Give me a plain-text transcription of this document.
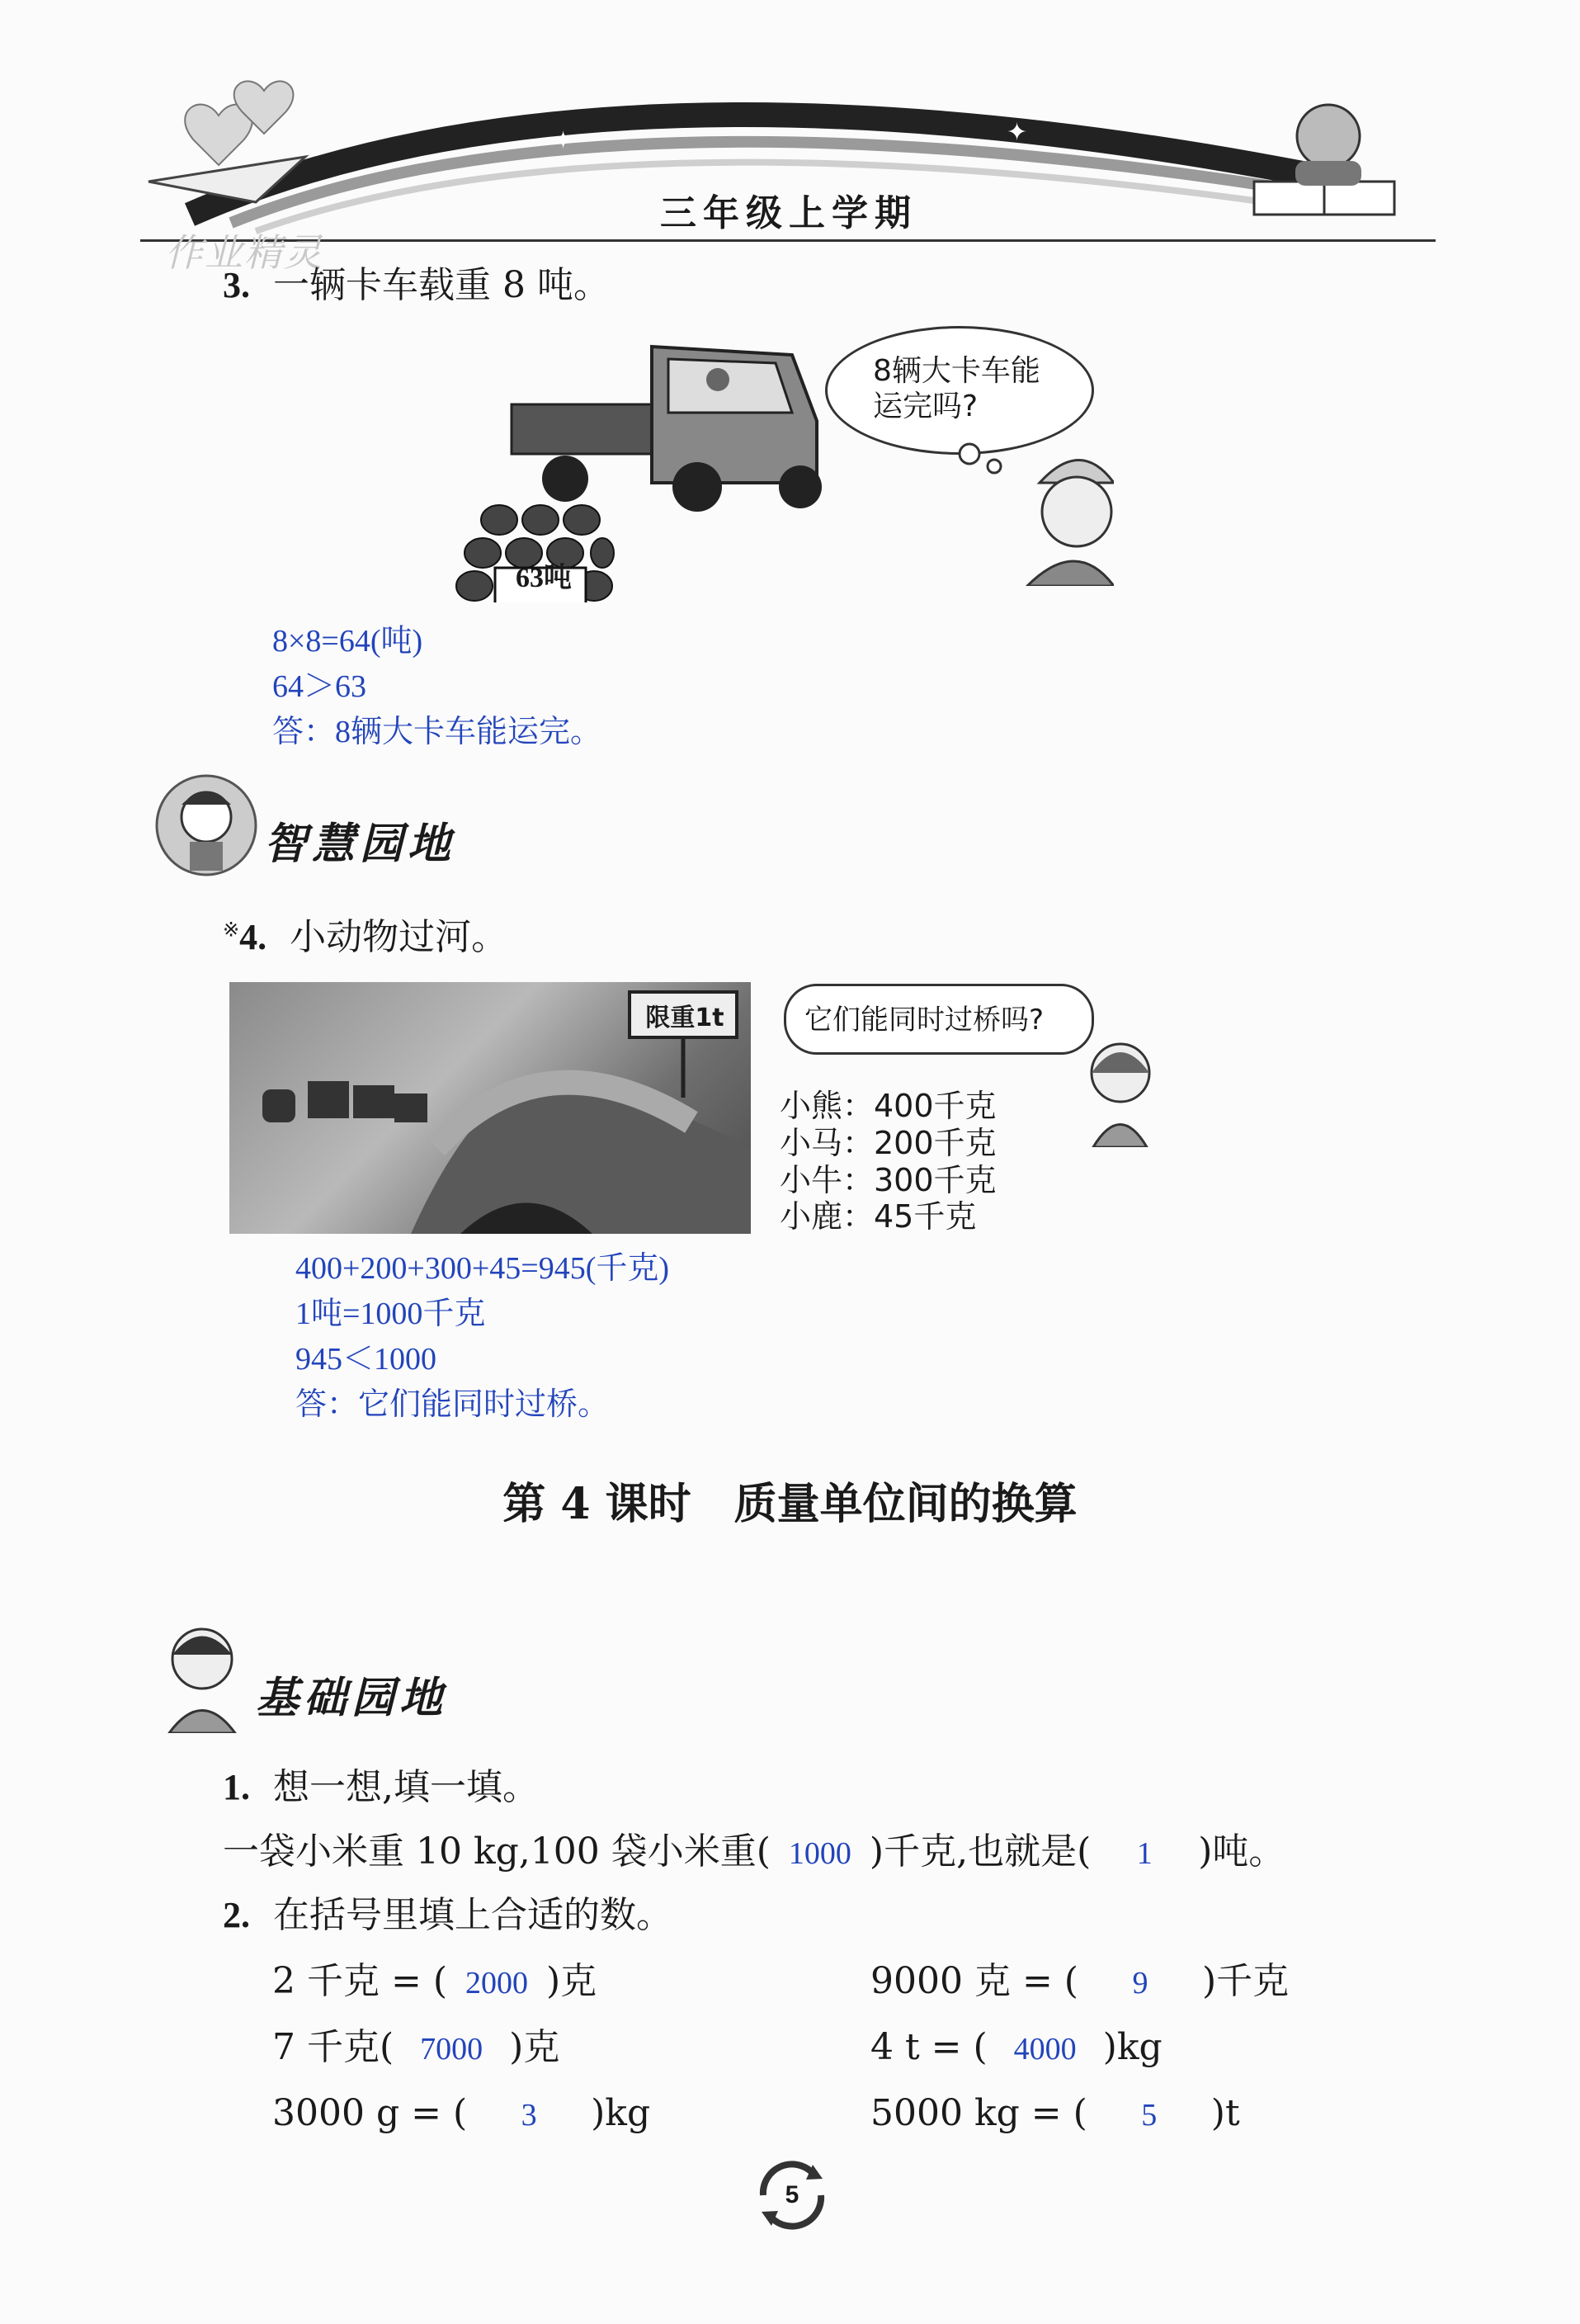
✦	✦
三年级上学期
作业精灵
3. 一辆卡车载重 8 吨。
63吨
8辆大卡车能
运完吗?
8×8=64(吨)
64＞63
答：8辆大卡车能运完。
智慧园地
※4. 小动物过河。
限重1t	它们能同时过桥吗?
小熊：400千克
小马：200千克
小牛：300千克
小鹿：45千克
400+200+300+45=945(千克)
1吨=1000千克
945＜1000
答：它们能同时过桥。
第 4 课时　质量单位间的换算
基础园地
1. 想一想,填一填。
一袋小米重 10 kg,100 袋小米重( 1000 )千克,也就是( 1 )吨。
2. 在括号里填上合适的数。
2 千克 = ( 2000 )克	9000 克 = ( 9 )千克
7 千克( 7000 )克	4 t = ( 4000 )kg
3000 g = ( 3 )kg	5000 kg = ( 5 )t
5
